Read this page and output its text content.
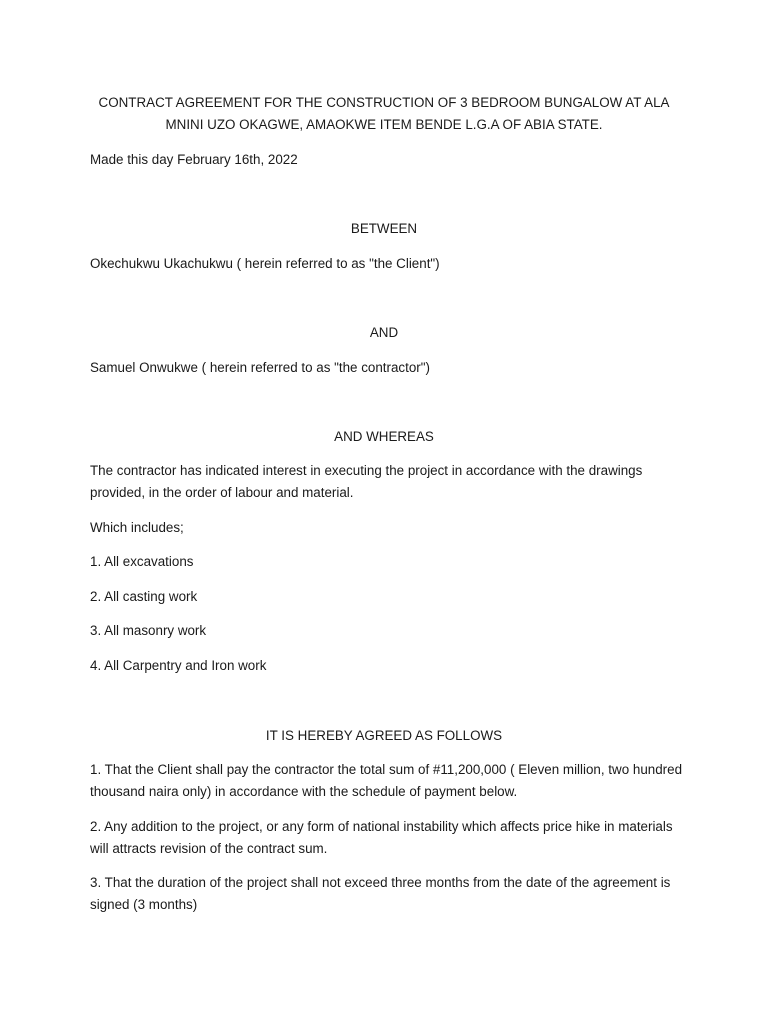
CONTRACT AGREEMENT FOR THE CONSTRUCTION OF 3 BEDROOM BUNGALOW AT ALA MNINI UZO OKAGWE, AMAOKWE ITEM BENDE L.G.A OF ABIA STATE.
Made this day February 16th, 2022
BETWEEN
Okechukwu Ukachukwu ( herein referred to as "the Client")
AND
Samuel Onwukwe ( herein referred to as "the contractor")
AND WHEREAS
The contractor has indicated interest in executing the project in accordance with the drawings provided, in the order of labour and material.
Which includes;
1. All excavations
2. All casting work
3. All masonry work
4. All Carpentry and Iron work
IT IS HEREBY AGREED AS FOLLOWS
1. That the Client shall pay the contractor the total sum of #11,200,000 ( Eleven million, two hundred thousand naira only) in accordance with the schedule of payment below.
2. Any addition to the project, or any form of national instability which affects price hike in materials will attracts revision of the contract sum.
3. That the duration of the project shall not exceed three months from the date of the agreement is signed (3 months)
